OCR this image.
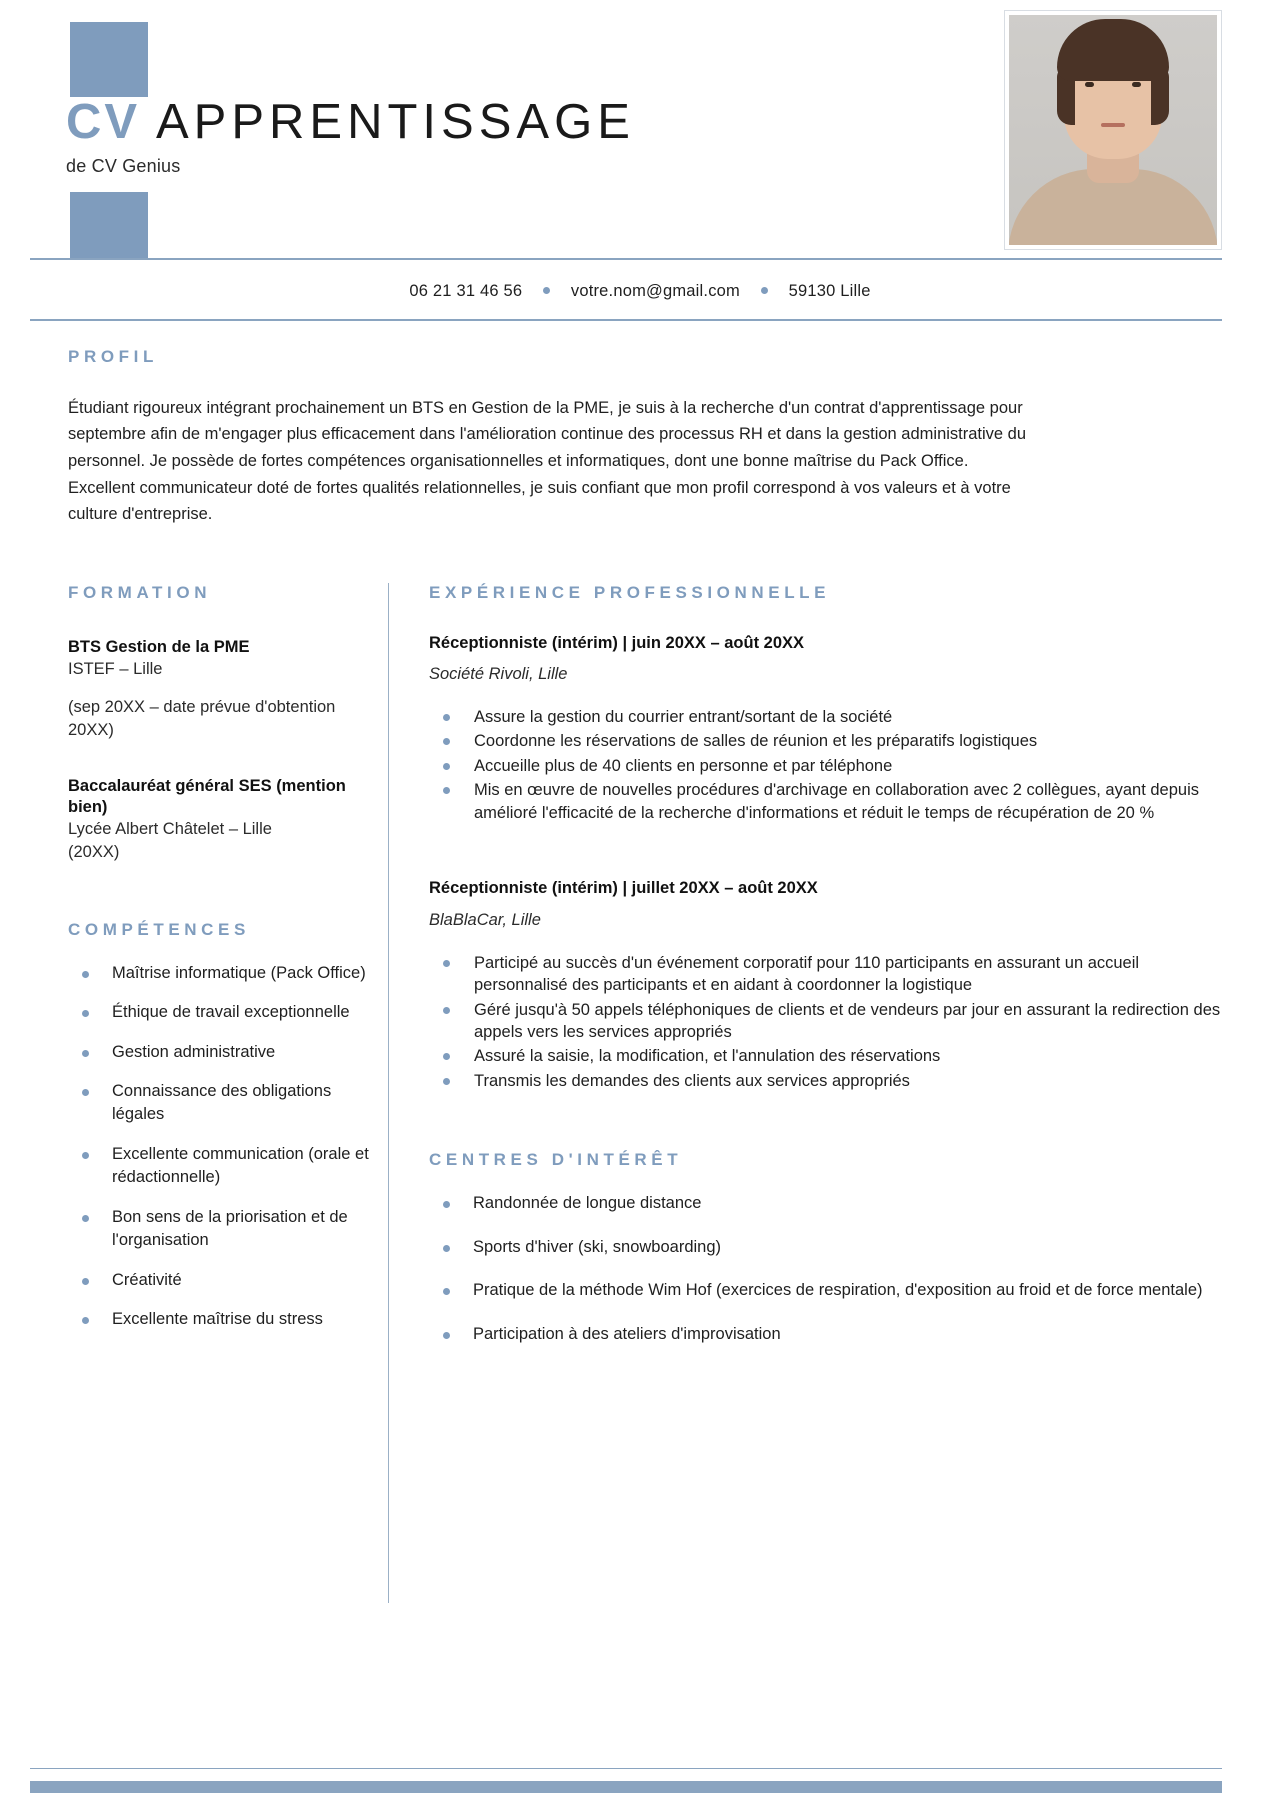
CV APPRENTISSAGE
de CV Genius
06 21 31 46 56	votre.nom@gmail.com	59130 Lille
PROFIL

Étudiant rigoureux intégrant prochainement un BTS en Gestion de la PME, je suis à la recherche d'un contrat d'apprentissage pour septembre afin de m'engager plus efficacement dans l'amélioration continue des processus RH et dans la gestion administrative du personnel. Je possède de fortes compétences organisationnelles et informatiques, dont une bonne maîtrise du Pack Office. Excellent communicateur doté de fortes qualités relationnelles, je suis confiant que mon profil correspond à vos valeurs et à votre culture d'entreprise.

FORMATION
BTS Gestion de la PME
ISTEF – Lille
(sep 20XX – date prévue d'obtention 20XX)
Baccalauréat général SES (mention bien)
Lycée Albert Châtelet – Lille
(20XX)
COMPÉTENCES
Maîtrise informatique (Pack Office)
Éthique de travail exceptionnelle
Gestion administrative
Connaissance des obligations légales
Excellente communication (orale et rédactionnelle)
Bon sens de la priorisation et de l'organisation
Créativité
Excellente maîtrise du stress
EXPÉRIENCE PROFESSIONNELLE
Réceptionniste (intérim) | juin 20XX – août 20XX
Société Rivoli, Lille
Assure la gestion du courrier entrant/sortant de la société
Coordonne les réservations de salles de réunion et les préparatifs logistiques
Accueille plus de 40 clients en personne et par téléphone
Mis en œuvre de nouvelles procédures d'archivage en collaboration avec 2 collègues, ayant depuis amélioré l'efficacité de la recherche d'informations et réduit le temps de récupération de 20 %
Réceptionniste (intérim) | juillet 20XX – août 20XX
BlaBlaCar, Lille
Participé au succès d'un événement corporatif pour 110 participants en assurant un accueil personnalisé des participants et en aidant à coordonner la logistique
Géré jusqu'à 50 appels téléphoniques de clients et de vendeurs par jour en assurant la redirection des appels vers les services appropriés
Assuré la saisie, la modification, et l'annulation des réservations
Transmis les demandes des clients aux services appropriés
CENTRES D'INTÉRÊT
Randonnée de longue distance
Sports d'hiver (ski, snowboarding)
Pratique de la méthode Wim Hof (exercices de respiration, d'exposition au froid et de force mentale)
Participation à des ateliers d'improvisation
